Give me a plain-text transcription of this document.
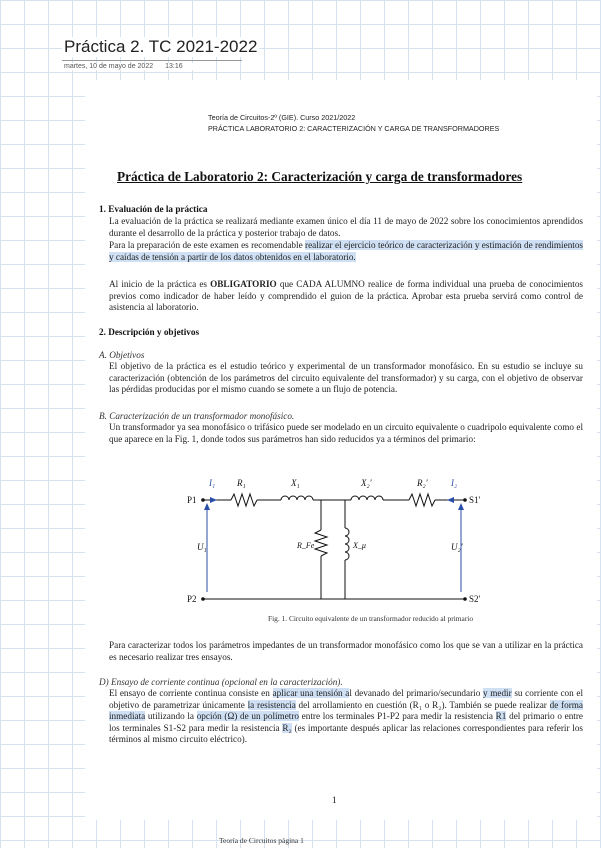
Práctica 2. TC 2021-2022
martes, 10 de mayo de 2022 13:16
Teoría de Circuitos-2º (GIE). Curso 2021/2022
PRÁCTICA LABORATORIO 2: CARACTERIZACIÓN Y CARGA DE TRANSFORMADORES
Práctica de Laboratorio 2: Caracterización y carga de transformadores
1. Evaluación de la práctica
La evaluación de la práctica se realizará mediante examen único el día 11 de mayo de 2022 sobre los conocimientos aprendidos durante el desarrollo de la práctica y posterior trabajo de datos.
Para la preparación de este examen es recomendable realizar el ejercicio teórico de caracterización y estimación de rendimientos y caídas de tensión a partir de los datos obtenidos en el laboratorio.
Al inicio de la práctica es OBLIGATORIO que CADA ALUMNO realice de forma individual una prueba de conocimientos previos como indicador de haber leído y comprendido el guion de la práctica. Aprobar esta prueba servirá como control de asistencia al laboratorio.
2. Descripción y objetivos
A. Objetivos
El objetivo de la práctica es el estudio teórico y experimental de un transformador monofásico. En su estudio se incluye su caracterización (obtención de los parámetros del circuito equivalente del transformador) y su carga, con el objetivo de observar las pérdidas producidas por el mismo cuando se somete a un flujo de potencia.
B. Caracterización de un transformador monofásico.
Un transformador ya sea monofásico o trifásico puede ser modelado en un circuito equivalente o cuadripolo equivalente como el que aparece en la Fig. 1, donde todos sus parámetros han sido reducidos ya a términos del primario:
P1
P2
S1'
S2'
I₁ R₁	X₁	X₂'	R₂'	I₂
U₁	U₂'
R_Fe	X_μ
Fig. 1. Circuito equivalente de un transformador reducido al primario
Para caracterizar todos los parámetros impedantes de un transformador monofásico como los que se van a utilizar en la práctica es necesario realizar tres ensayos.
D) Ensayo de corriente continua (opcional en la caracterización).
El ensayo de corriente continua consiste en aplicar una tensión al devanado del primario/secundario y medir su corriente con el objetivo de parametrizar únicamente la resistencia del arrollamiento en cuestión (R₁ o R₂). También se puede realizar de forma inmediata utilizando la opción (Ω) de un polímetro entre los terminales P1-P2 para medir la resistencia R1 del primario o entre los terminales S1-S2 para medir la resistencia R₂ (es importante después aplicar las relaciones correspondientes para referir los términos al mismo circuito eléctrico).
1
Teoría de Circuitos página 1
